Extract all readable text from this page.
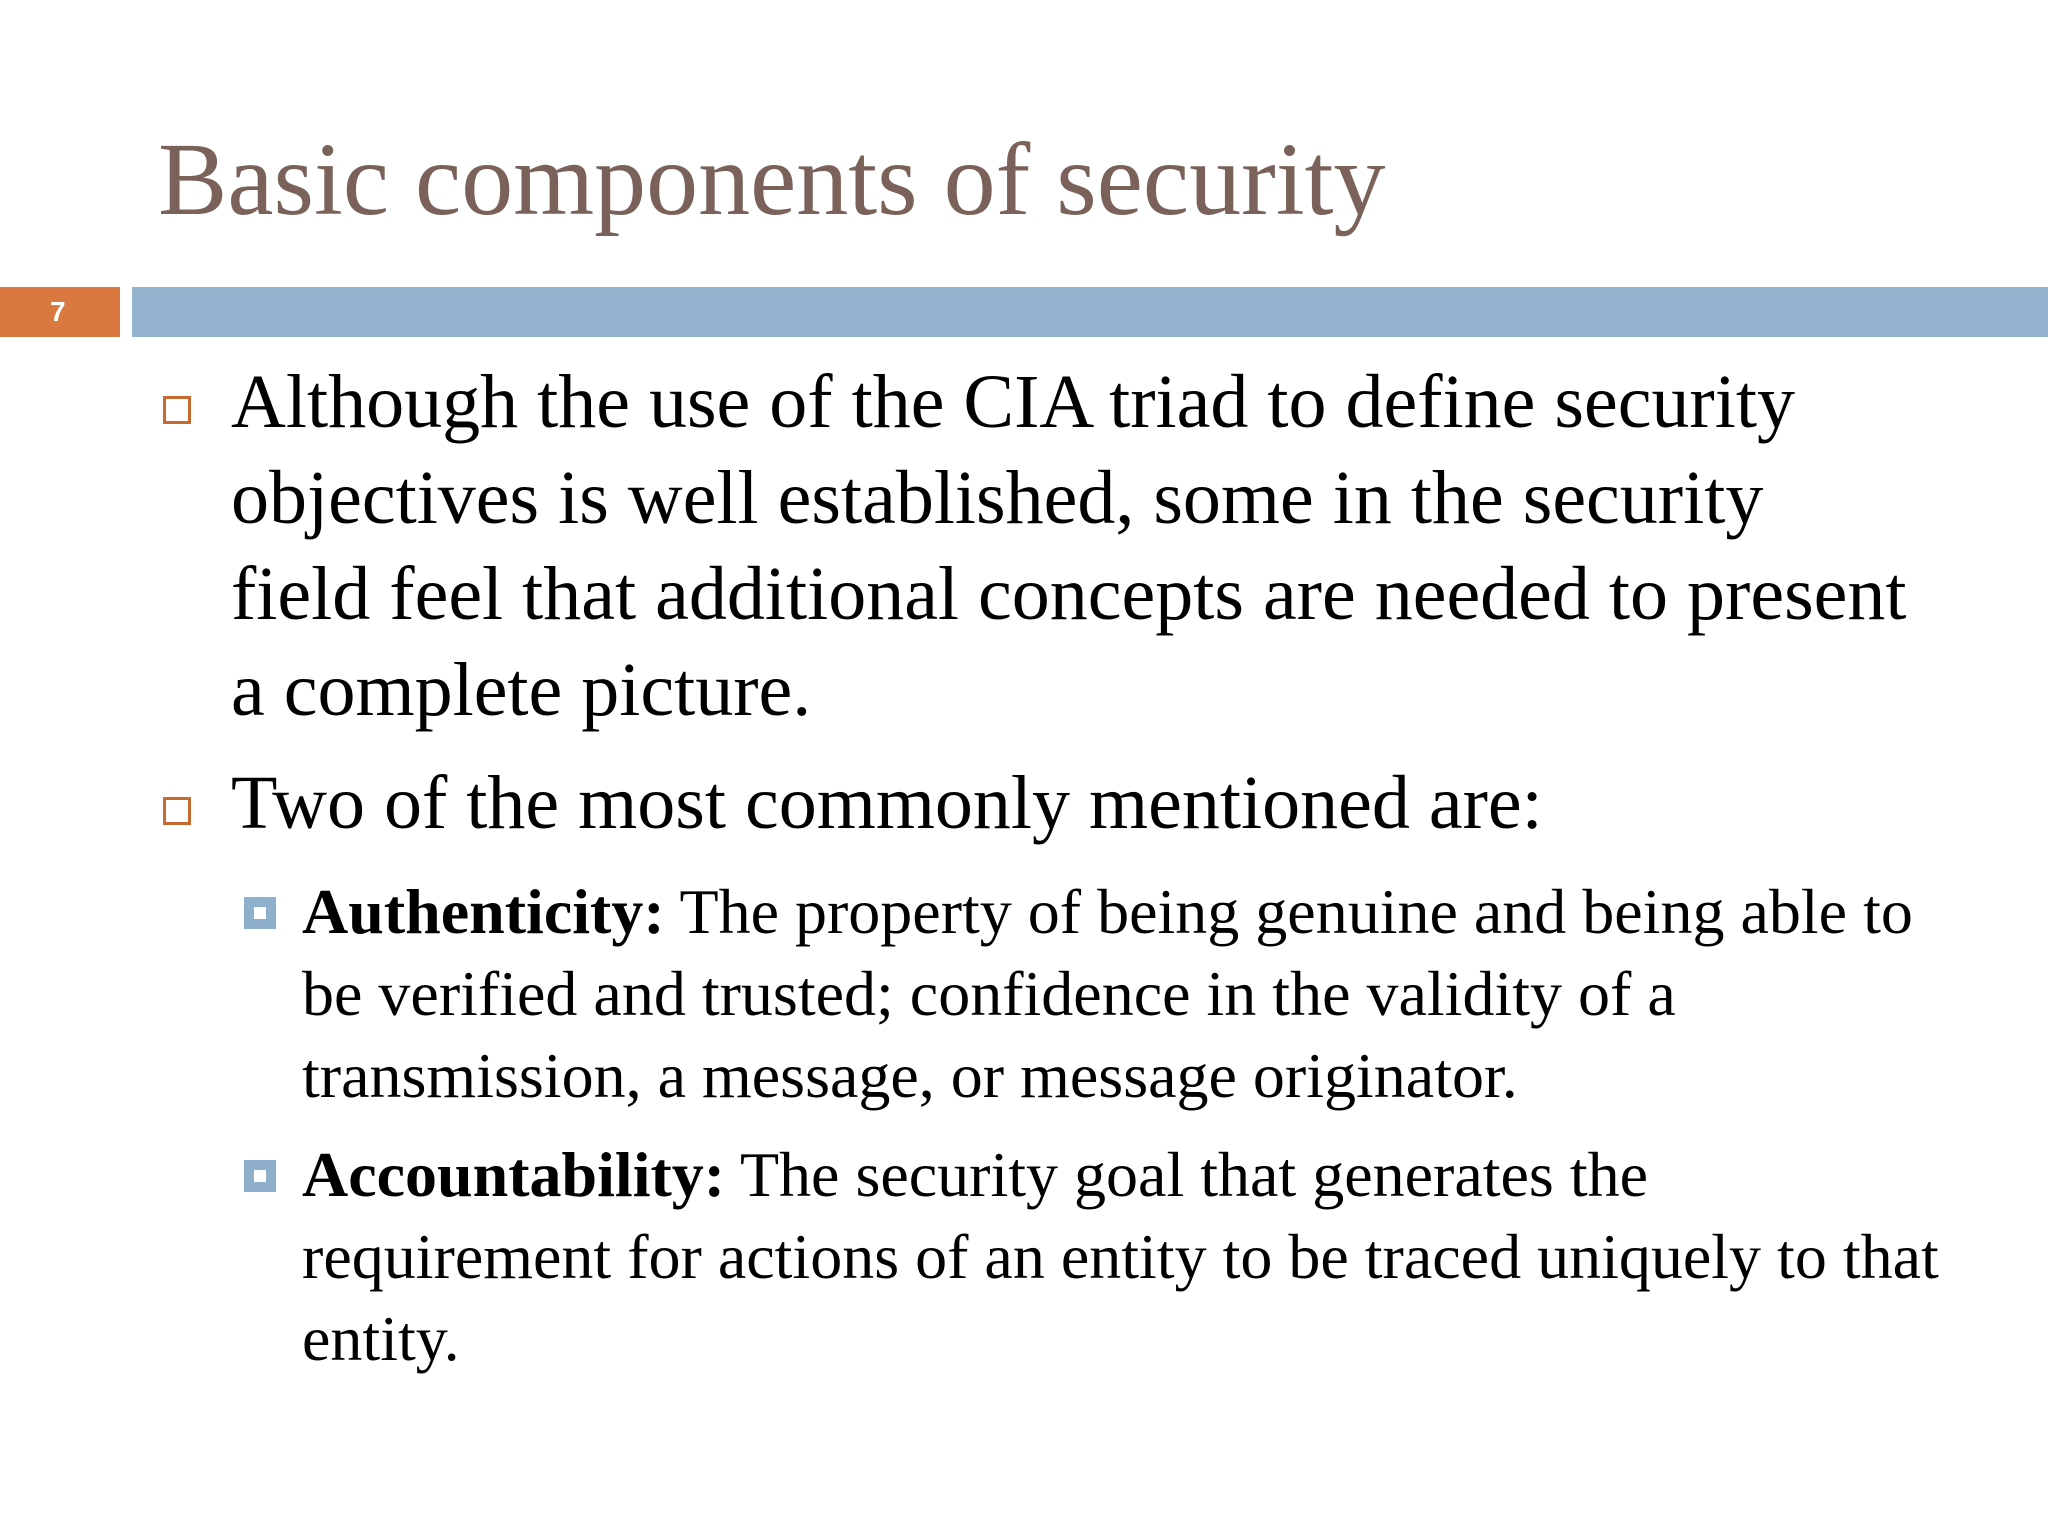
Basic components of security
7

Although the use of the CIA triad to define security objectives is well established, some in the security field feel that additional concepts are needed to present a complete picture.

Two of the most commonly mentioned are:

Authenticity: The property of being genuine and being able to be verified and trusted; confidence in the validity of a transmission, a message, or message originator.

Accountability: The security goal that generates the requirement for actions of an entity to be traced uniquely to that entity.
